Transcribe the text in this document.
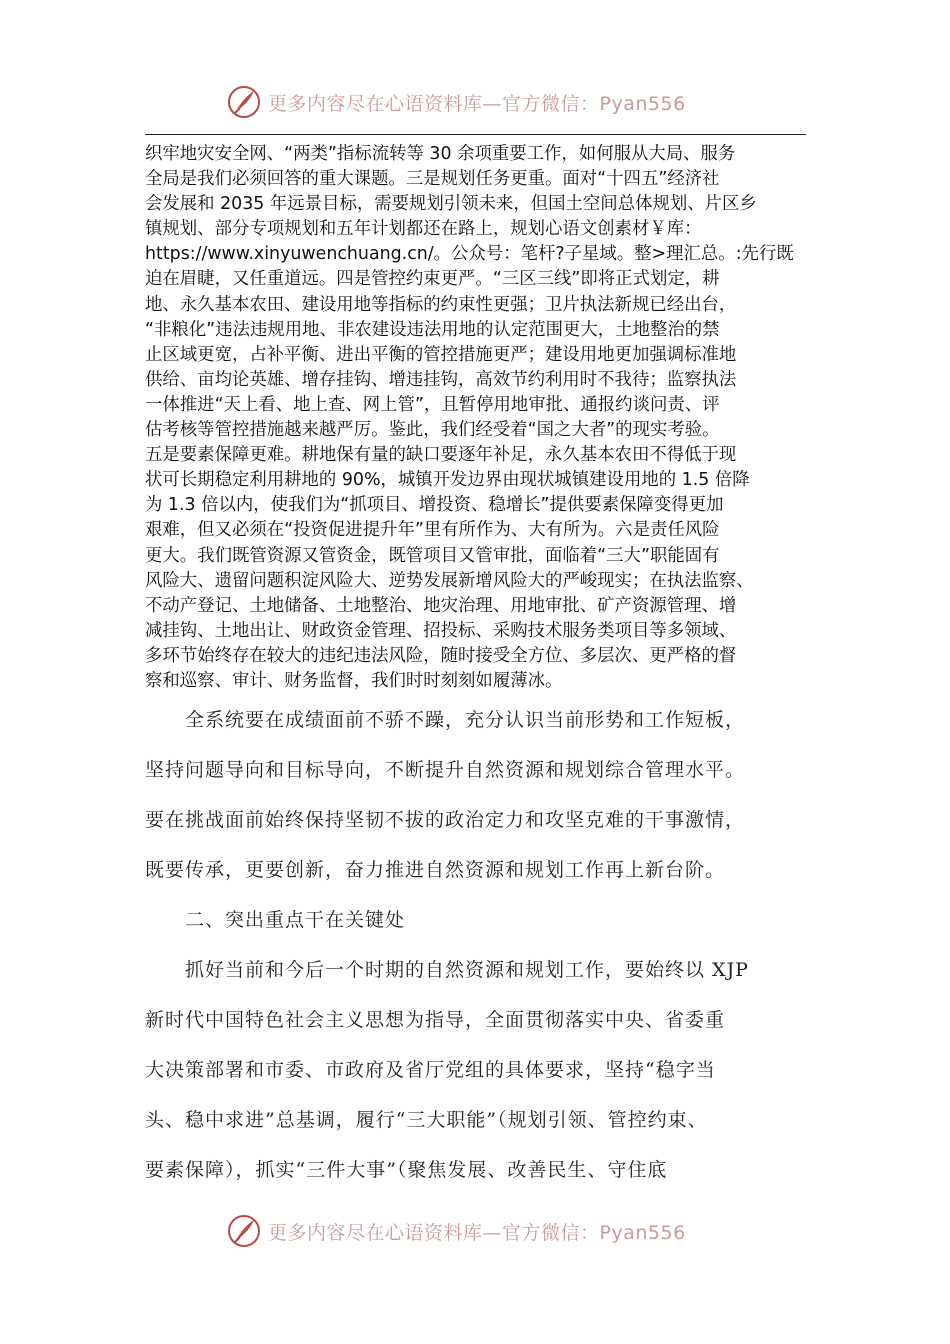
更多内容尽在心语资料库—官方微信：Pyan556
织牢地灾安全网、“两类”指标流转等 30 余项重要工作，如何服从大局、服务
全局是我们必须回答的重大课题。三是规划任务更重。面对“十四五”经济社
会发展和 2035 年远景目标，需要规划引领未来，但国土空间总体规划、片区乡
镇规划、部分专项规划和五年计划都还在路上，规划心语文创素材￥库：
https://www.xinyuwenchuang.cn/。公众号：笔杆?子星域。整>理汇总。:先行既
迫在眉睫，又任重道远。四是管控约束更严。“三区三线”即将正式划定，耕
地、永久基本农田、建设用地等指标的约束性更强；卫片执法新规已经出台，
“非粮化”违法违规用地、非农建设违法用地的认定范围更大，土地整治的禁
止区域更宽，占补平衡、进出平衡的管控措施更严；建设用地更加强调标准地
供给、亩均论英雄、增存挂钩、增违挂钩，高效节约利用时不我待；监察执法
一体推进“天上看、地上查、网上管”，且暂停用地审批、通报约谈问责、评
估考核等管控措施越来越严厉。鉴此，我们经受着“国之大者”的现实考验。
五是要素保障更难。耕地保有量的缺口要逐年补足，永久基本农田不得低于现
状可长期稳定利用耕地的 90%，城镇开发边界由现状城镇建设用地的 1.5 倍降
为 1.3 倍以内，使我们为“抓项目、增投资、稳增长”提供要素保障变得更加
艰难，但又必须在“投资促进提升年”里有所作为、大有所为。六是责任风险
更大。我们既管资源又管资金，既管项目又管审批，面临着“三大”职能固有
风险大、遗留问题积淀风险大、逆势发展新增风险大的严峻现实；在执法监察、
不动产登记、土地储备、土地整治、地灾治理、用地审批、矿产资源管理、增
减挂钩、土地出让、财政资金管理、招投标、采购技术服务类项目等多领域、
多环节始终存在较大的违纪违法风险，随时接受全方位、多层次、更严格的督
察和巡察、审计、财务监督，我们时时刻刻如履薄冰。
　　全系统要在成绩面前不骄不躁，充分认识当前形势和工作短板，
坚持问题导向和目标导向，不断提升自然资源和规划综合管理水平。
要在挑战面前始终保持坚韧不拔的政治定力和攻坚克难的干事激情，
既要传承，更要创新，奋力推进自然资源和规划工作再上新台阶。
　　二、突出重点干在关键处
　　抓好当前和今后一个时期的自然资源和规划工作，要始终以 XJP
新时代中国特色社会主义思想为指导，全面贯彻落实中央、省委重
大决策部署和市委、市政府及省厅党组的具体要求，坚持“稳字当
头、稳中求进”总基调，履行“三大职能”（规划引领、管控约束、
要素保障），抓实“三件大事”（聚焦发展、改善民生、守住底
更多内容尽在心语资料库—官方微信：Pyan556
